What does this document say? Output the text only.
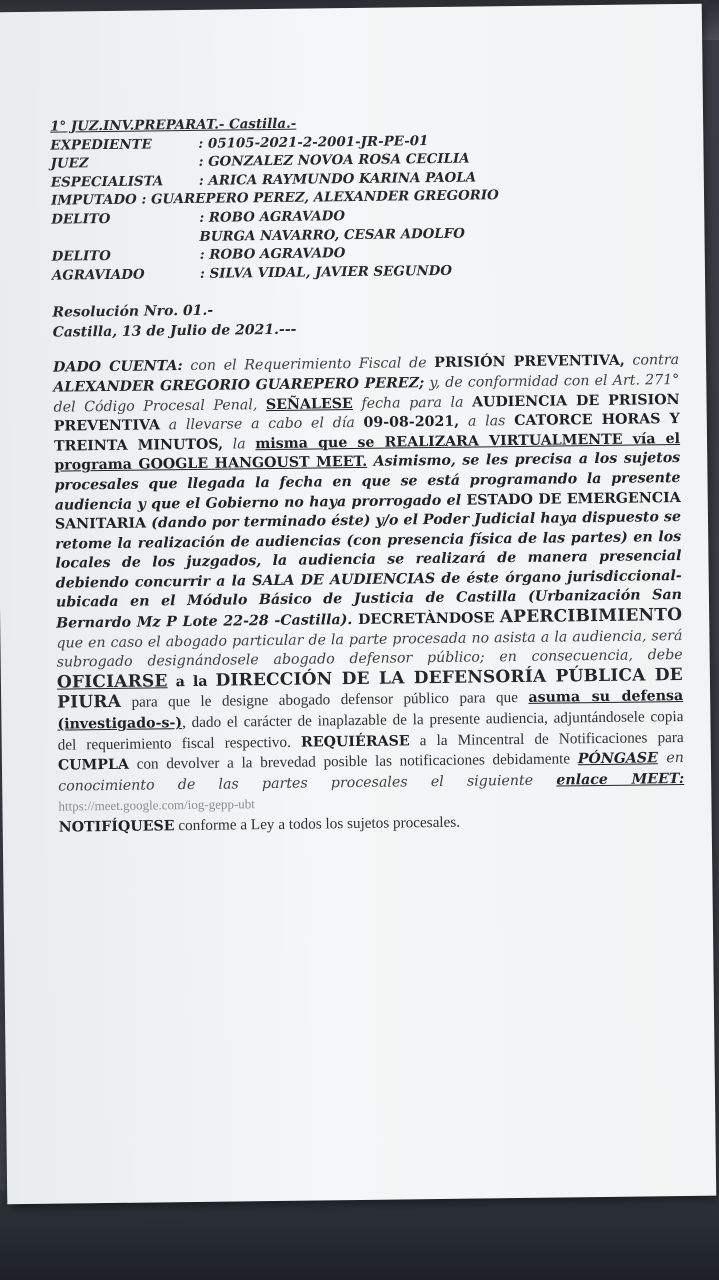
1° JUZ.INV.PREPARAT.- Castilla.-
EXPEDIENTE	: 05105-2021-2-2001-JR-PE-01
JUEZ	: GONZALEZ NOVOA ROSA CECILIA
ESPECIALISTA	: ARICA RAYMUNDO KARINA PAOLA
IMPUTADO : GUAREPERO PEREZ, ALEXANDER GREGORIO
DELITO	: ROBO AGRAVADO
BURGA NAVARRO, CESAR ADOLFO
DELITO	: ROBO AGRAVADO
AGRAVIADO	: SILVA VIDAL, JAVIER SEGUNDO
Resolución Nro. 01.-
Castilla, 13 de Julio de 2021.---
DADO CUENTA: con el Requerimiento Fiscal de PRISIÓN PREVENTIVA, contra ALEXANDER GREGORIO GUAREPERO PEREZ; y, de conformidad con el Art. 271° del Código Procesal Penal, SEÑALESE fecha para la AUDIENCIA DE PRISION PREVENTIVA a llevarse a cabo el día 09-08-2021, a las CATORCE HORAS Y TREINTA MINUTOS, la misma que se REALIZARA VIRTUALMENTE vía el programa GOOGLE HANGOUST MEET. Asimismo, se les precisa a los sujetos procesales que llegada la fecha en que se está programando la presente audiencia y que el Gobierno no haya prorrogado el ESTADO DE EMERGENCIA SANITARIA (dando por terminado éste) y/o el Poder Judicial haya dispuesto se retome la realización de audiencias (con presencia física de las partes) en los locales de los juzgados, la audiencia se realizará de manera presencial debiendo concurrir a la SALA DE AUDIENCIAS de éste órgano jurisdiccional-ubicada en el Módulo Básico de Justicia de Castilla (Urbanización San Bernardo Mz P Lote 22-28 -Castilla). DECRETÀNDOSE APERCIBIMIENTO que en caso el abogado particular de la parte procesada no asista a la audiencia, será subrogado designándosele abogado defensor público; en consecuencia, debe OFICIARSE a la DIRECCIÓN DE LA DEFENSORÍA PÚBLICA DE PIURA para que le designe abogado defensor público para que asuma su defensa (investigado-s-), dado el carácter de inaplazable de la presente audiencia, adjuntándosele copia del requerimiento fiscal respectivo. REQUIÉRASE a la Mincentral de Notificaciones para CUMPLA con devolver a la brevedad posible las notificaciones debidamente PÓNGASE en conocimiento de las partes procesales el siguiente enlace MEET: https://meet.google.com/iog-gepp-ubt
NOTIFÍQUESE conforme a Ley a todos los sujetos procesales.
